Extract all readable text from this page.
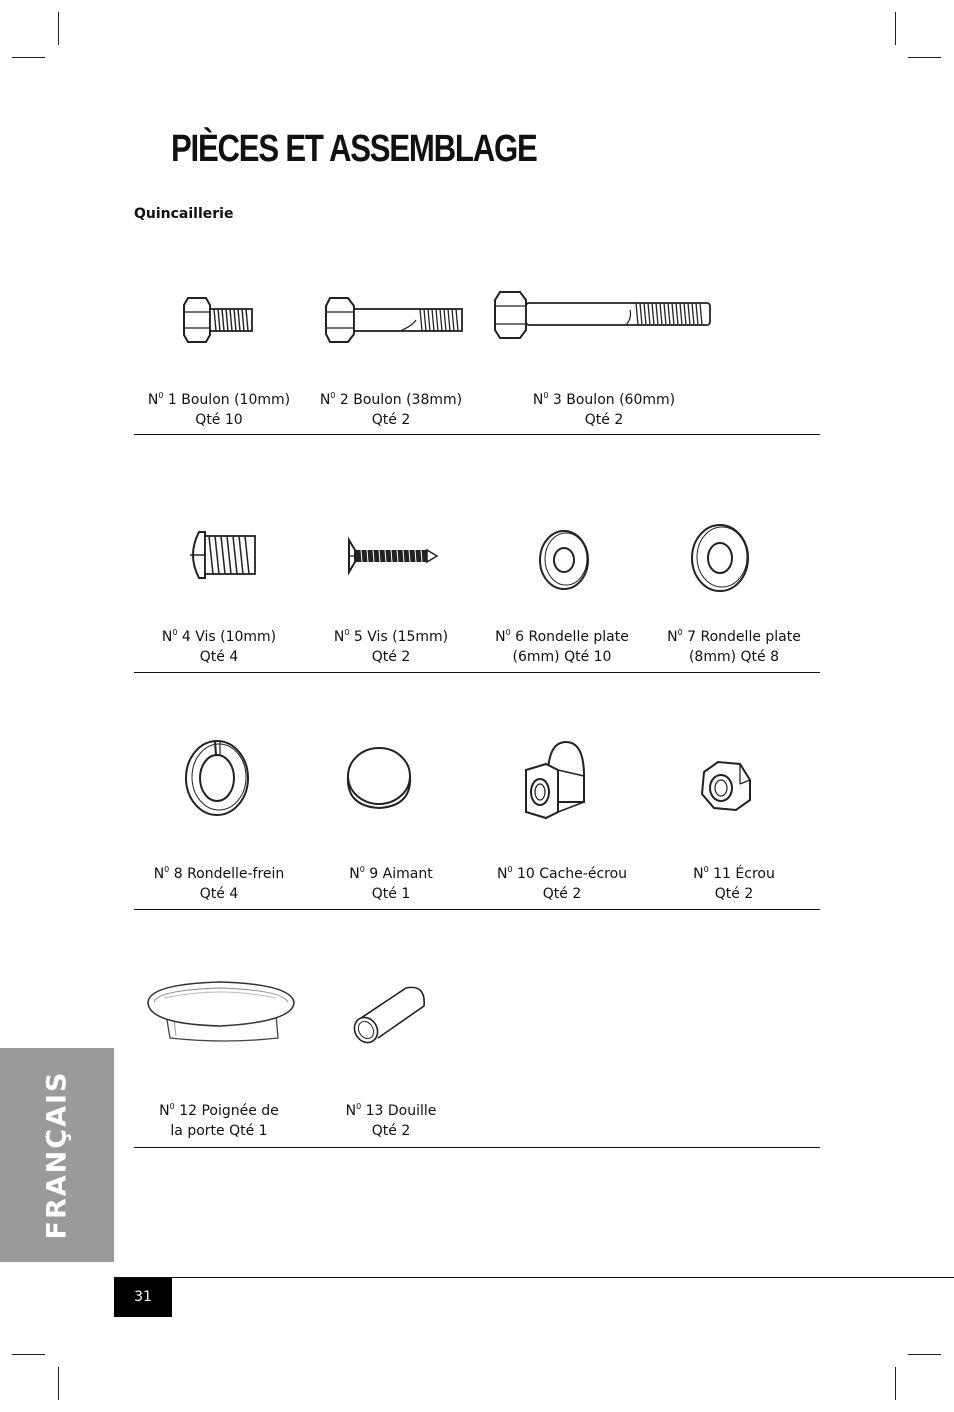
PIÈCES ET ASSEMBLAGE
Quincaillerie
$N^0$ 1 Boulon (10mm)
Qté 10
$N^0$ 2 Boulon (38mm)
Qté 2
$N^0$ 3 Boulon (60mm)
Qté 2
$N^0$ 4 Vis (10mm)
Qté 4
$N^0$ 5 Vis (15mm)
Qté 2
$N^0$ 6 Rondelle plate
(6mm) Qté 10
$N^0$ 7 Rondelle plate
(8mm) Qté 8
$N^0$ 8 Rondelle-frein
Qté 4
$N^0$ 9 Aimant
Qté 1
$N^0$ 10 Cache-écrou
Qté 2
$N^0$ 11 Écrou
Qté 2
$N^0$ 12 Poignée de
la porte Qté 1
$N^0$ 13 Douille
Qté 2
FRANÇAIS
31
